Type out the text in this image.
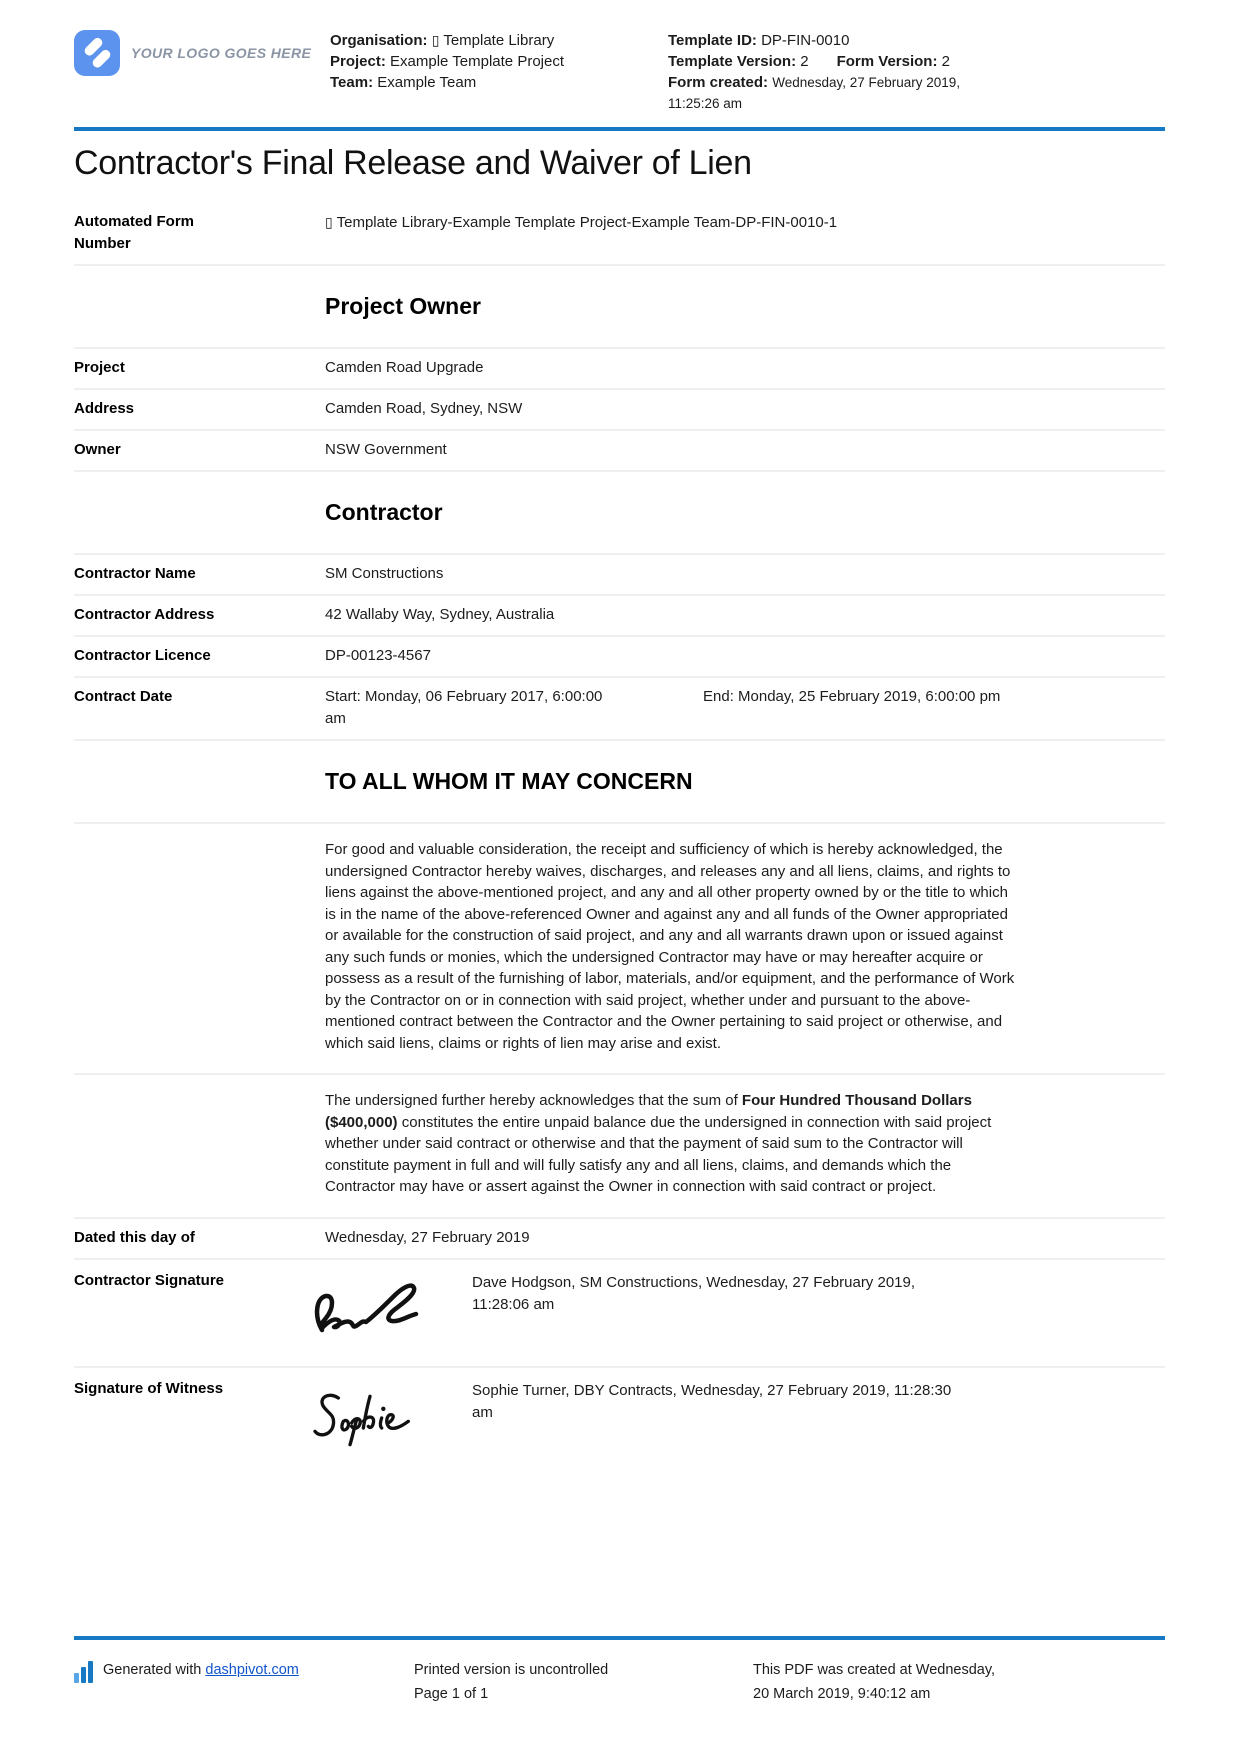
YOUR LOGO GOES HERE
Organisation: ▯ Template Library
Project: Example Template Project
Team: Example Team
Template ID: DP-FIN-0010
Template Version: 2 Form Version: 2
Form created: Wednesday, 27 February 2019, 11:25:26 am
Contractor's Final Release and Waiver of Lien
Automated Form Number
▯ Template Library-Example Template Project-Example Team-DP-FIN-0010-1
Project Owner
Project	Camden Road Upgrade
Address	Camden Road, Sydney, NSW
Owner	NSW Government
Contractor
Contractor Name	SM Constructions
Contractor Address	42 Wallaby Way, Sydney, Australia
Contractor Licence	DP-00123-4567
Contract Date	Start: Monday, 06 February 2017, 6:00:00 am
End: Monday, 25 February 2019, 6:00:00 pm
TO ALL WHOM IT MAY CONCERN
For good and valuable consideration, the receipt and sufficiency of which is hereby acknowledged, the undersigned Contractor hereby waives, discharges, and releases any and all liens, claims, and rights to liens against the above-mentioned project, and any and all other property owned by or the title to which is in the name of the above-referenced Owner and against any and all funds of the Owner appropriated or available for the construction of said project, and any and all warrants drawn upon or issued against any such funds or monies, which the undersigned Contractor may have or may hereafter acquire or possess as a result of the furnishing of labor, materials, and/or equipment, and the performance of Work by the Contractor on or in connection with said project, whether under and pursuant to the above-mentioned contract between the Contractor and the Owner pertaining to said project or otherwise, and which said liens, claims or rights of lien may arise and exist.
The undersigned further hereby acknowledges that the sum of Four Hundred Thousand Dollars ($400,000) constitutes the entire unpaid balance due the undersigned in connection with said project whether under said contract or otherwise and that the payment of said sum to the Contractor will constitute payment in full and will fully satisfy any and all liens, claims, and demands which the Contractor may have or assert against the Owner in connection with said contract or project.
Dated this day of	Wednesday, 27 February 2019
Contractor Signature	Dave Hodgson, SM Constructions, Wednesday, 27 February 2019, 11:28:06 am
Signature of Witness	Sophie Turner, DBY Contracts, Wednesday, 27 February 2019, 11:28:30 am
Generated with dashpivot.com	Printed version is uncontrolled
Page 1 of 1
This PDF was created at Wednesday, 20 March 2019, 9:40:12 am
